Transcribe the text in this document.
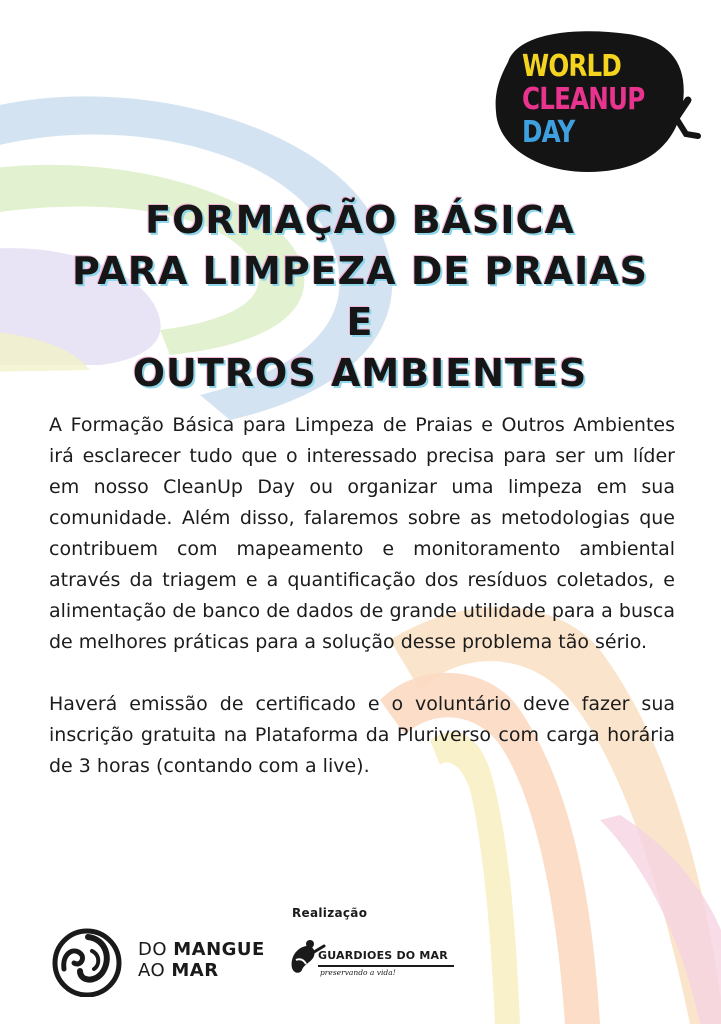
WORLD
CLEANUP
DAY
FORMAÇÃO BÁSICA
PARA LIMPEZA DE PRAIAS E
OUTROS AMBIENTES

A Formação Básica para Limpeza de Praias e Outros Ambientes irá esclarecer tudo que o interessado precisa para ser um líder em nosso CleanUp Day ou organizar uma limpeza em sua comunidade. Além disso, falaremos sobre as metodologias que contribuem com mapeamento e monitoramento ambiental através da triagem e a quantificação dos resíduos coletados, e alimentação de banco de dados de grande utilidade para a busca de melhores práticas para a solução desse problema tão sério.

Haverá emissão de certificado e o voluntário deve fazer sua inscrição gratuita na Plataforma da Pluriverso com carga horária de 3 horas (contando com a live).

Realização
DO MANGUE
AO MAR
GUARDIOES DO MAR
preservando a vida!
